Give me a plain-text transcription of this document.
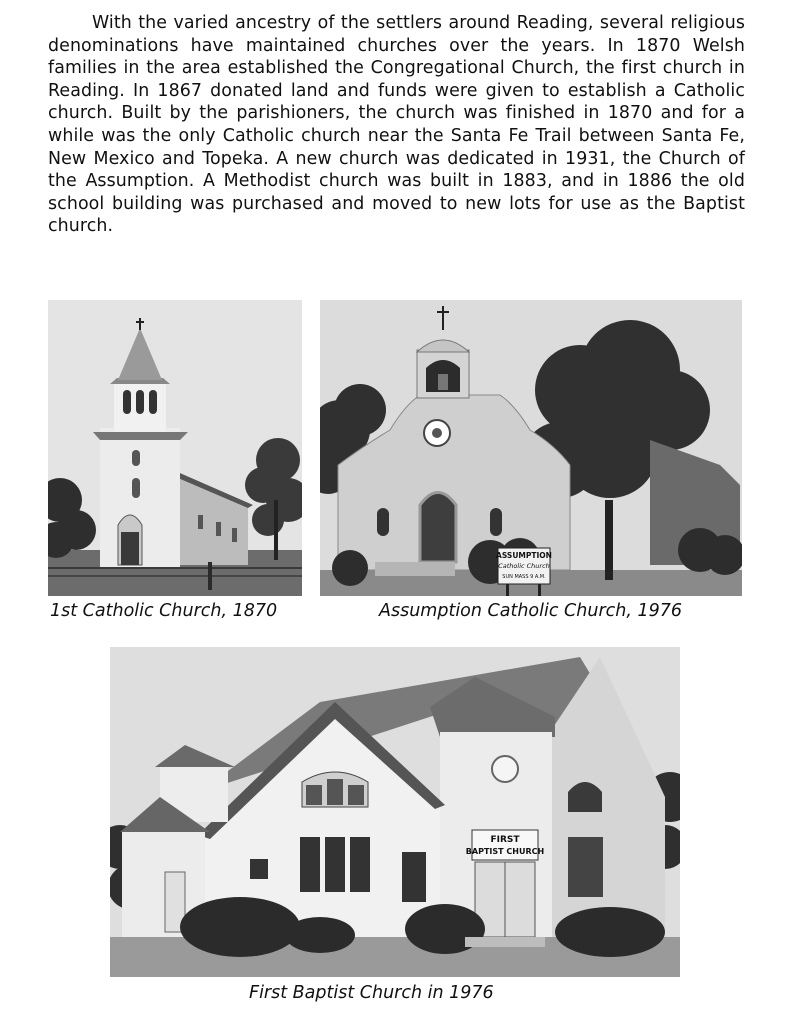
With the varied ancestry of the settlers around Reading, several religious denominations have maintained churches over the years. In 1870 Welsh families in the area established the Congregational Church, the first church in Reading. In 1867 donated land and funds were given to establish a Catholic church. Built by the parishioners, the church was finished in 1870 and for a while was the only Catholic church near the Santa Fe Trail between Santa Fe, New Mexico and Topeka. A new church was dedicated in 1931, the Church of the Assumption. A Methodist church was built in 1883, and in 1886 the old school building was purchased and moved to new lots for use as the Baptist church.

ASSUMPTION
Catholic Church
SUN MASS 9 A.M.
1st Catholic Church, 1870	Assumption Catholic Church, 1976
FIRST
BAPTIST CHURCH
First Baptist Church in 1976
